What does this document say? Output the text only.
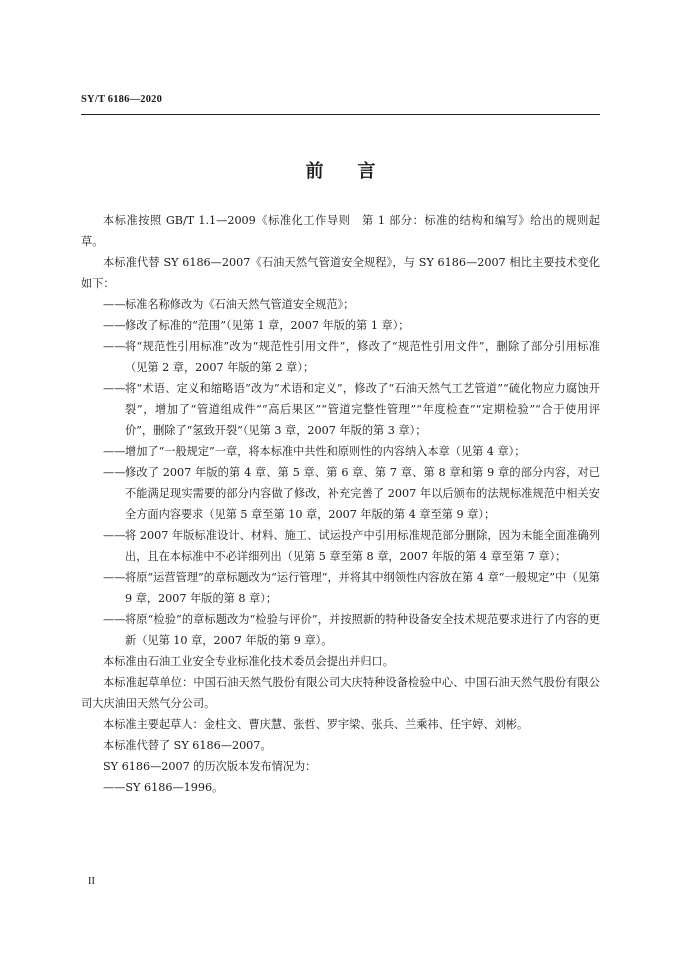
SY/T 6186—2020
前言

本标准按照 GB/T 1.1—2009《标准化工作导则　第 1 部分：标准的结构和编写》给出的规则起草。

本标准代替 SY 6186—2007《石油天然气管道安全规程》，与 SY 6186—2007 相比主要技术变化如下：

—— 标准名称修改为《石油天然气管道安全规范》；

—— 修改了标准的“范围”（见第 1 章，2007 年版的第 1 章）；

—— 将“规范性引用标准”改为“规范性引用文件”，修改了“规范性引用文件”，删除了部分引用标准（见第 2 章，2007 年版的第 2 章）；

—— 将“术语、定义和缩略语”改为“术语和定义”，修改了“石油天然气工艺管道”“硫化物应力腐蚀开裂”，增加了“管道组成件”“高后果区”“管道完整性管理”“年度检查”“定期检验”“合于使用评价”，删除了“氢致开裂”（见第 3 章，2007 年版的第 3 章）；

—— 增加了“一般规定”一章，将本标准中共性和原则性的内容纳入本章（见第 4 章）；

—— 修改了 2007 年版的第 4 章、第 5 章、第 6 章、第 7 章、第 8 章和第 9 章的部分内容，对已不能满足现实需要的部分内容做了修改，补充完善了 2007 年以后颁布的法规标准规范中相关安全方面内容要求（见第 5 章至第 10 章，2007 年版的第 4 章至第 9 章）；

—— 将 2007 年版标准设计、材料、施工、试运投产中引用标准规范部分删除，因为未能全面准确列出，且在本标准中不必详细列出（见第 5 章至第 8 章，2007 年版的第 4 章至第 7 章）；

—— 将原“运营管理”的章标题改为“运行管理”，并将其中纲领性内容放在第 4 章“一般规定”中（见第 9 章，2007 年版的第 8 章）；

—— 将原“检验”的章标题改为“检验与评价”，并按照新的特种设备安全技术规范要求进行了内容的更新（见第 10 章，2007 年版的第 9 章）。

本标准由石油工业安全专业标准化技术委员会提出并归口。

本标准起草单位：中国石油天然气股份有限公司大庆特种设备检验中心、中国石油天然气股份有限公司大庆油田天然气分公司。

本标准主要起草人：金柱文、曹庆慧、张哲、罗宇梁、张兵、兰乘祎、任宇婷、刘彬。

本标准代替了 SY 6186—2007。

SY 6186—2007 的历次版本发布情况为：

——SY 6186—1996。

II
